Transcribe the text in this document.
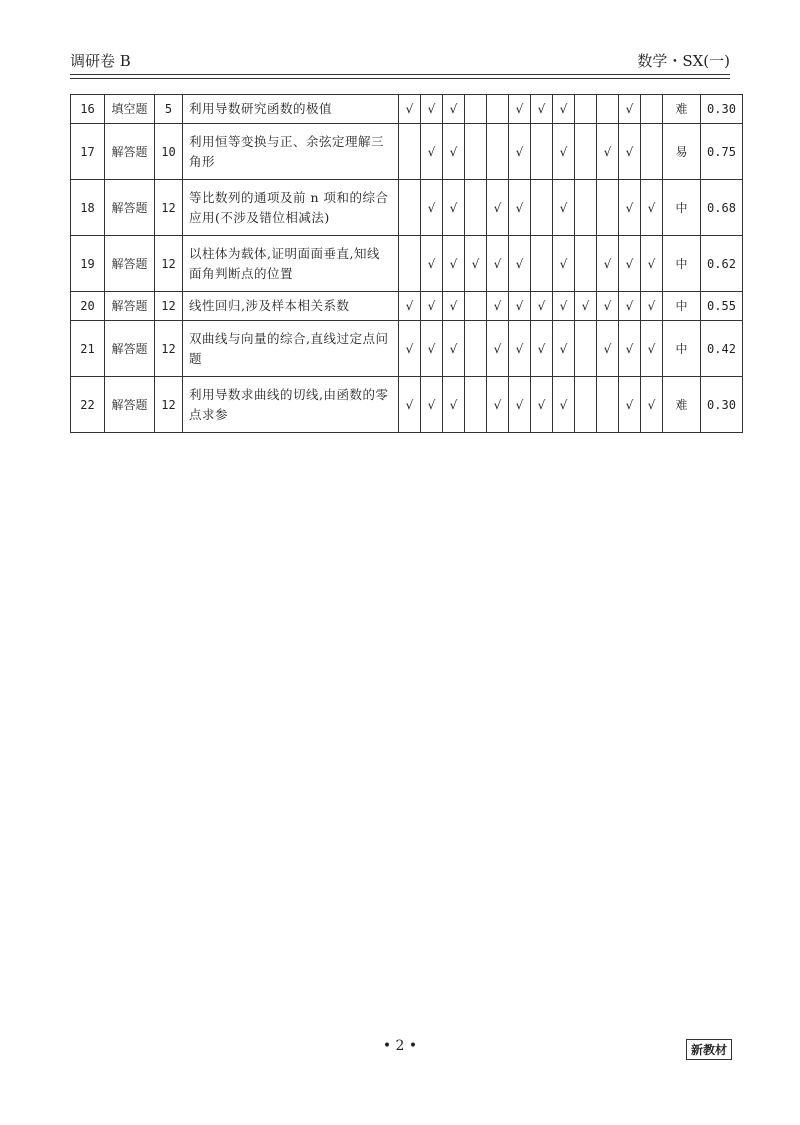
调研卷 B	数学・SX(一)
16	填空题	5	利用导数研究函数的极值	√	√	√			√	√	√			√		难	0.30
17	解答题	10	利用恒等变换与正、余弦定理解三角形		√	√			√		√		√	√		易	0.75
18	解答题	12	等比数列的通项及前 n 项和的综合应用(不涉及错位相减法)		√	√		√	√		√			√	√	中	0.68
19	解答题	12	以柱体为载体,证明面面垂直,知线面角判断点的位置		√	√	√	√	√		√		√	√	√	中	0.62
20	解答题	12	线性回归,涉及样本相关系数	√	√	√		√	√	√	√	√	√	√	√	中	0.55
21	解答题	12	双曲线与向量的综合,直线过定点问题	√	√	√		√	√	√	√		√	√	√	中	0.42
22	解答题	12	利用导数求曲线的切线,由函数的零点求参	√	√	√		√	√	√	√			√	√	难	0.30
• 2 •	新教材
